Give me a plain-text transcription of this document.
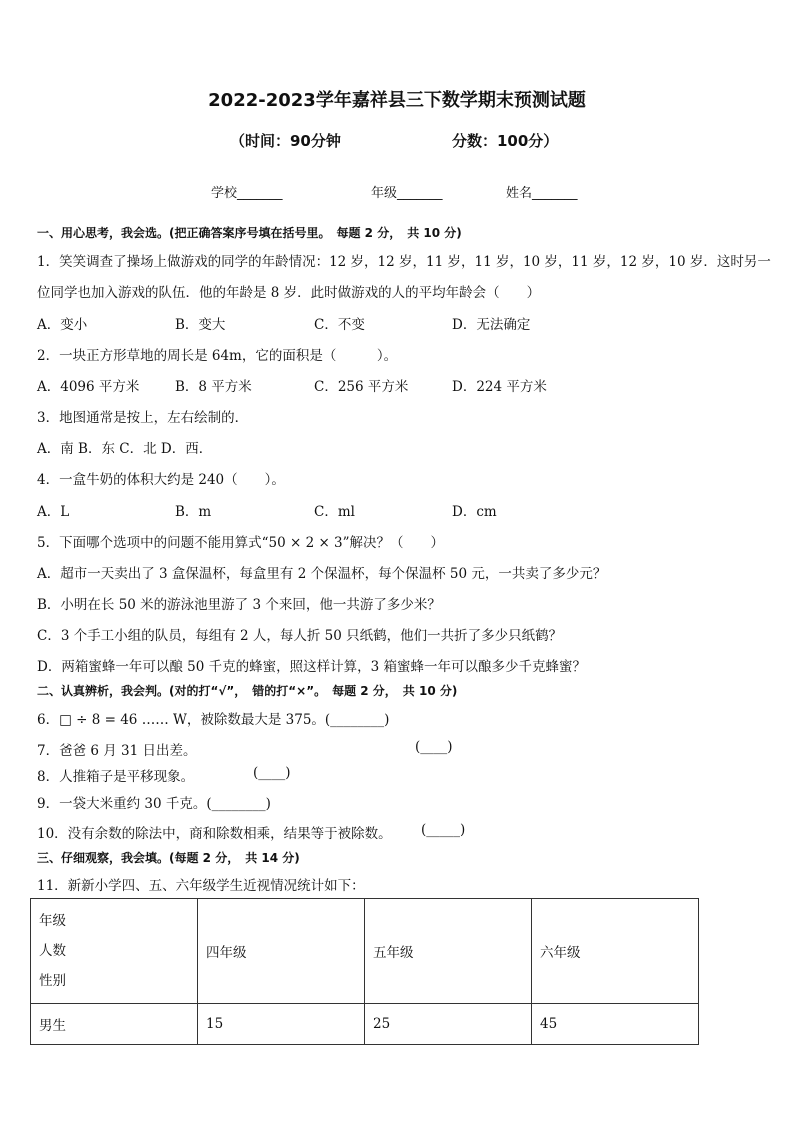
2022-2023学年嘉祥县三下数学期末预测试题
（时间：90分钟	分数：100分）
学校_______	年级_______	姓名_______
一、用心思考，我会选。(把正确答案序号填在括号里。　每题 2 分，　共 10 分)
1．笑笑调查了操场上做游戏的同学的年龄情况：12 岁，12 岁，11 岁，11 岁，10 岁，11 岁，12 岁，10 岁．这时另一
位同学也加入游戏的队伍．他的年龄是 8 岁．此时做游戏的人的平均年龄会（　　）
A．变小	B．变大	C．不变	D．无法确定
2．一块正方形草地的周长是 64m，它的面积是（　　　）。
A．4096 平方米	B．8 平方米	C．256 平方米	D．224 平方米
3．地图通常是按上，左右绘制的．
A．南 B．东 C．北 D．西．
4．一盒牛奶的体积大约是 240（　　）。
A．L	B．m	C．ml	D．cm
5．下面哪个选项中的问题不能用算式“50 × 2 × 3”解决？（　　）
A．超市一天卖出了 3 盒保温杯，每盒里有 2 个保温杯，每个保温杯 50 元，一共卖了多少元？
B．小明在长 50 米的游泳池里游了 3 个来回，他一共游了多少米？
C．3 个手工小组的队员，每组有 2 人，每人折 50 只纸鹤，他们一共折了多少只纸鹤？
D．两箱蜜蜂一年可以酿 50 千克的蜂蜜，照这样计算，3 箱蜜蜂一年可以酿多少千克蜂蜜？
二、认真辨析，我会判。(对的打“√”，　错的打“×”。　每题 2 分，　共 10 分)
6．□ ÷ 8 = 46 …… W，被除数最大是 375。(________)
7．爸爸 6 月 31 日出差。	(____)
8．人推箱子是平移现象。	(____)
9．一袋大米重约 30 千克。(________)
10．没有余数的除法中，商和除数相乘，结果等于被除数。 (_____)
三、仔细观察，我会填。(每题 2 分，　共 14 分)
11．新新小学四、五、六年级学生近视情况统计如下：
年级
人数
性别	四年级	五年级	六年级
男生	15	25	45
